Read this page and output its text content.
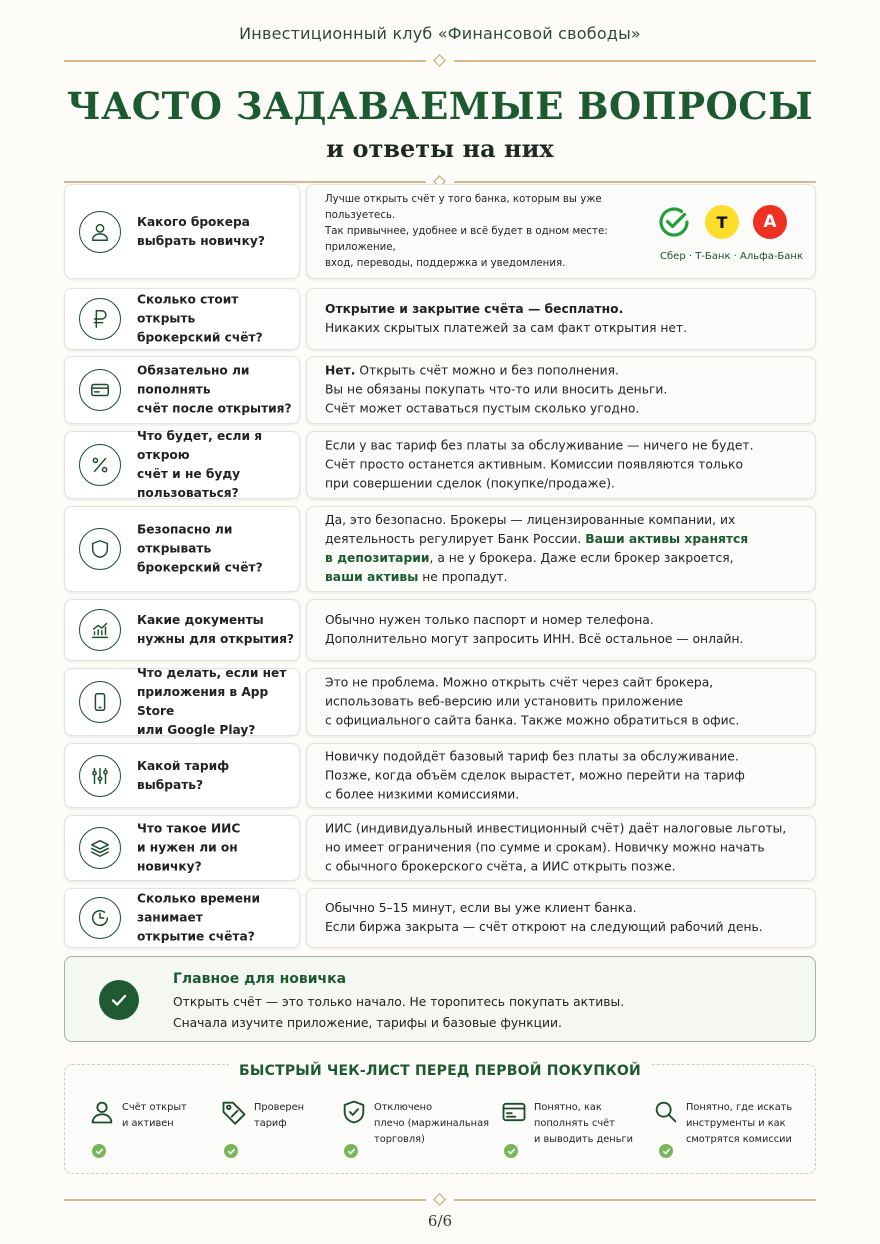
Инвестиционный клуб «Финансовой свободы»
ЧАСТО ЗАДАВАЕМЫЕ ВОПРОСЫ
и ответы на них
Какого брокера
выбрать новичку?
Лучше открыть счёт у того банка, которым вы уже пользуетесь.
Так привычнее, удобнее и всё будет в одном месте: приложение,
вход, переводы, поддержка и уведомления.
Т	А
Сбер · Т-Банк · Альфа-Банк
Сколько стоит открыть
брокерский счёт?
Открытие и закрытие счёта — бесплатно.
Никаких скрытых платежей за сам факт открытия нет.
Обязательно ли пополнять
счёт после открытия?
Нет. Открыть счёт можно и без пополнения.
Вы не обязаны покупать что-то или вносить деньги.
Счёт может оставаться пустым сколько угодно.
Что будет, если я открою
счёт и не буду пользоваться?
Если у вас тариф без платы за обслуживание — ничего не будет.
Счёт просто останется активным. Комиссии появляются только
при совершении сделок (покупке/продаже).
Безопасно ли открывать
брокерский счёт?
Да, это безопасно. Брокеры — лицензированные компании, их
деятельность регулирует Банк России. Ваши активы хранятся
в депозитарии, а не у брокера. Даже если брокер закроется,
ваши активы не пропадут.
Какие документы
нужны для открытия?
Обычно нужен только паспорт и номер телефона.
Дополнительно могут запросить ИНН. Всё остальное — онлайн.
Что делать, если нет
приложения в App Store
или Google Play?
Это не проблема. Можно открыть счёт через сайт брокера,
использовать веб-версию или установить приложение
с официального сайта банка. Также можно обратиться в офис.
Какой тариф выбрать?
Новичку подойдёт базовый тариф без платы за обслуживание.
Позже, когда объём сделок вырастет, можно перейти на тариф
с более низкими комиссиями.
Что такое ИИС
и нужен ли он новичку?
ИИС (индивидуальный инвестиционный счёт) даёт налоговые льготы,
но имеет ограничения (по сумме и срокам). Новичку можно начать
с обычного брокерского счёта, а ИИС открыть позже.
Сколько времени занимает
открытие счёта?
Обычно 5–15 минут, если вы уже клиент банка.
Если биржа закрыта — счёт откроют на следующий рабочий день.
Главное для новичка
Открыть счёт — это только начало. Не торопитесь покупать активы.
Сначала изучите приложение, тарифы и базовые функции.
БЫСТРЫЙ ЧЕК-ЛИСТ ПЕРЕД ПЕРВОЙ ПОКУПКОЙ
Счёт открыт
и активен
Проверен
тариф
Отключено
плечо (маржинальная
торговля)
Понятно, как
пополнять счёт
и выводить деньги
Понятно, где искать
инструменты и как
смотрятся комиссии
6/6
